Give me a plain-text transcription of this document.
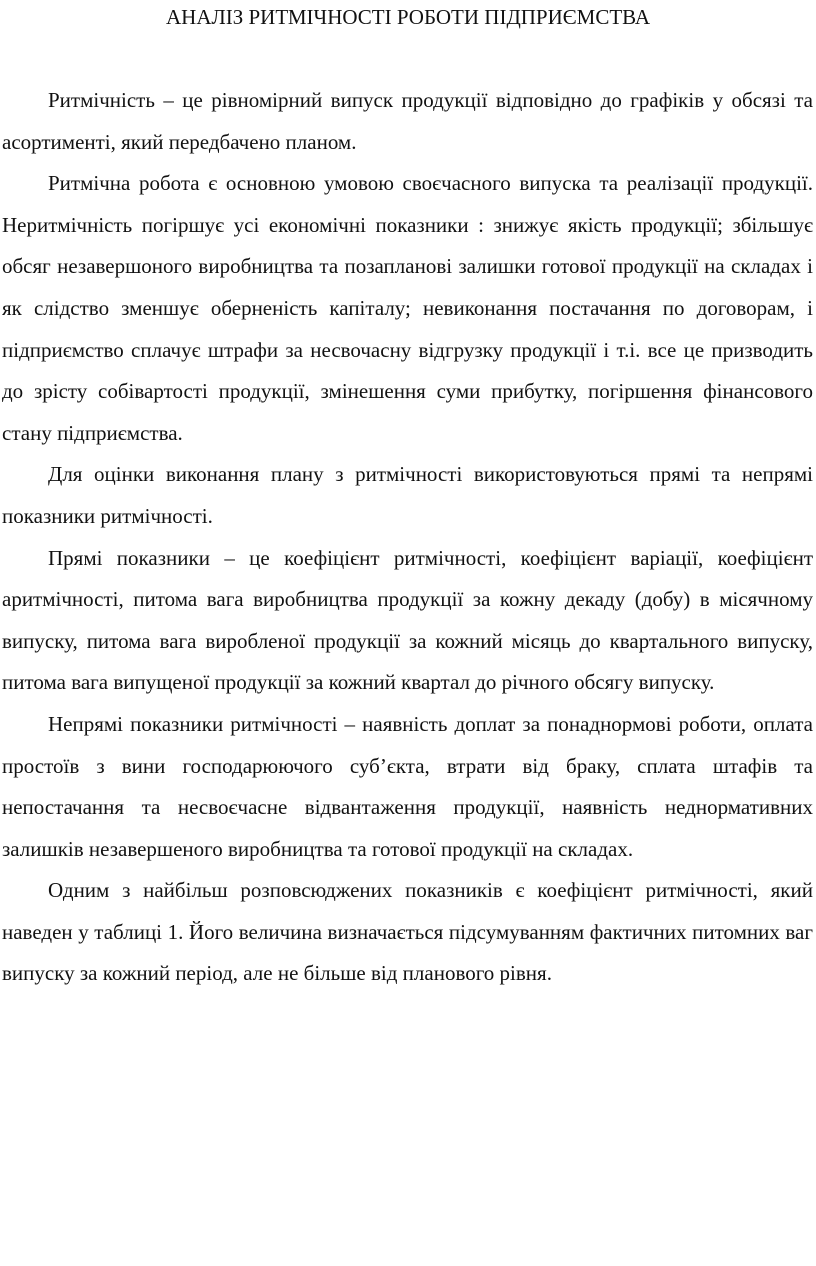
АНАЛІЗ РИТМІЧНОСТІ РОБОТИ ПІДПРИЄМСТВА

Ритмічність – це рівномірний випуск продукції відповідно до графіків у обсязі та асортименті, який передбачено планом.

Ритмічна робота є основною умовою своєчасного випуска та реалізації продукції. Неритмічність погіршує усі економічні показники : знижує якість продукції; збільшує обсяг незавершоного виробництва та позапланові залишки готової продукції на складах і як слідство зменшує оберненість капіталу; невиконання постачання по договорам, і підприємство сплачує штрафи за несвочасну відгрузку продукції і т.і. все це призводить до зрісту собівартості продукції, змінешення суми прибутку, погіршення фінансового стану підприємства.

Для оцінки виконання плану з ритмічності використовуються прямі та непрямі показники ритмічності.

Прямі показники – це коефіцієнт ритмічності, коефіцієнт варіації, коефіцієнт аритмічності, питома вага виробництва продукції за кожну декаду (добу) в місячному випуску, питома вага виробленої продукції за кожний місяць до квартального випуску, питома вага випущеної продукції за кожний квартал до річного обсягу випуску.

Непрямі показники ритмічності – наявність доплат за понаднормові роботи, оплата простоїв з вини господарюючого суб’єкта, втрати від браку, сплата штафів та непостачання та несвоєчасне відвантаження продукції, наявність неднормативних залишків незавершеного виробництва та готової продукції на складах.

Одним з найбільш розповсюджених показників є коефіцієнт ритмічності, який наведен у таблиці 1. Його величина визначається підсумуванням фактичних питомних ваг випуску за кожний період, але не більше від планового рівня.
